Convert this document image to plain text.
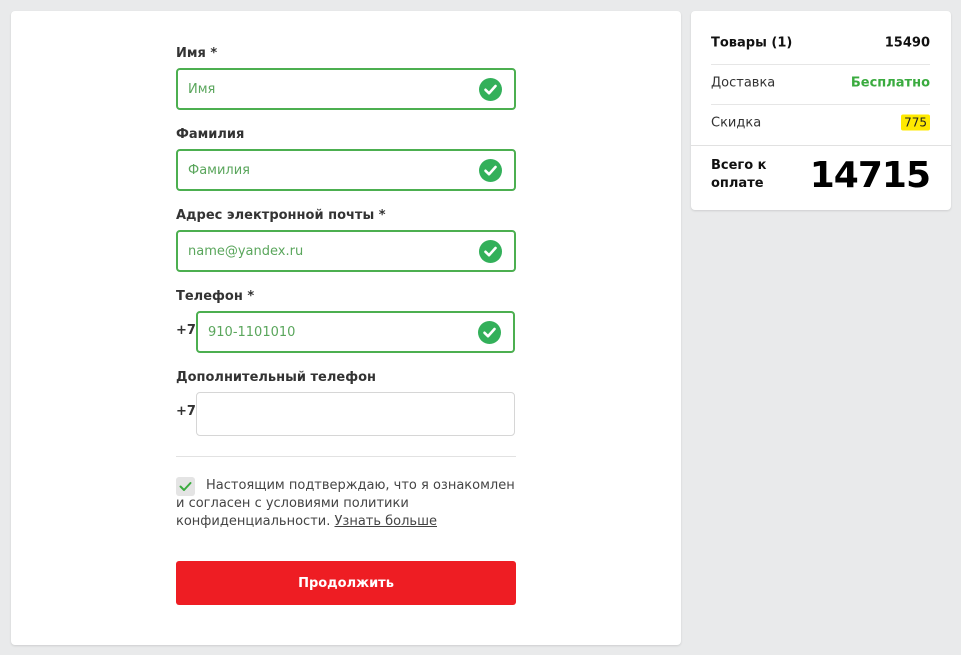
Имя *
Имя
Фамилия
Фамилия
Адрес электронной почты *
name@yandex.ru
Телефон *
+7
910-1101010
Дополнительный телефон
+7
Настоящим подтверждаю, что я ознакомлен и согласен с условиями политики конфиденциальности. Узнать больше
Продолжить
Товары (1)	15490
Доставка	Бесплатно
Скидка	775
Всего к оплате	14715
